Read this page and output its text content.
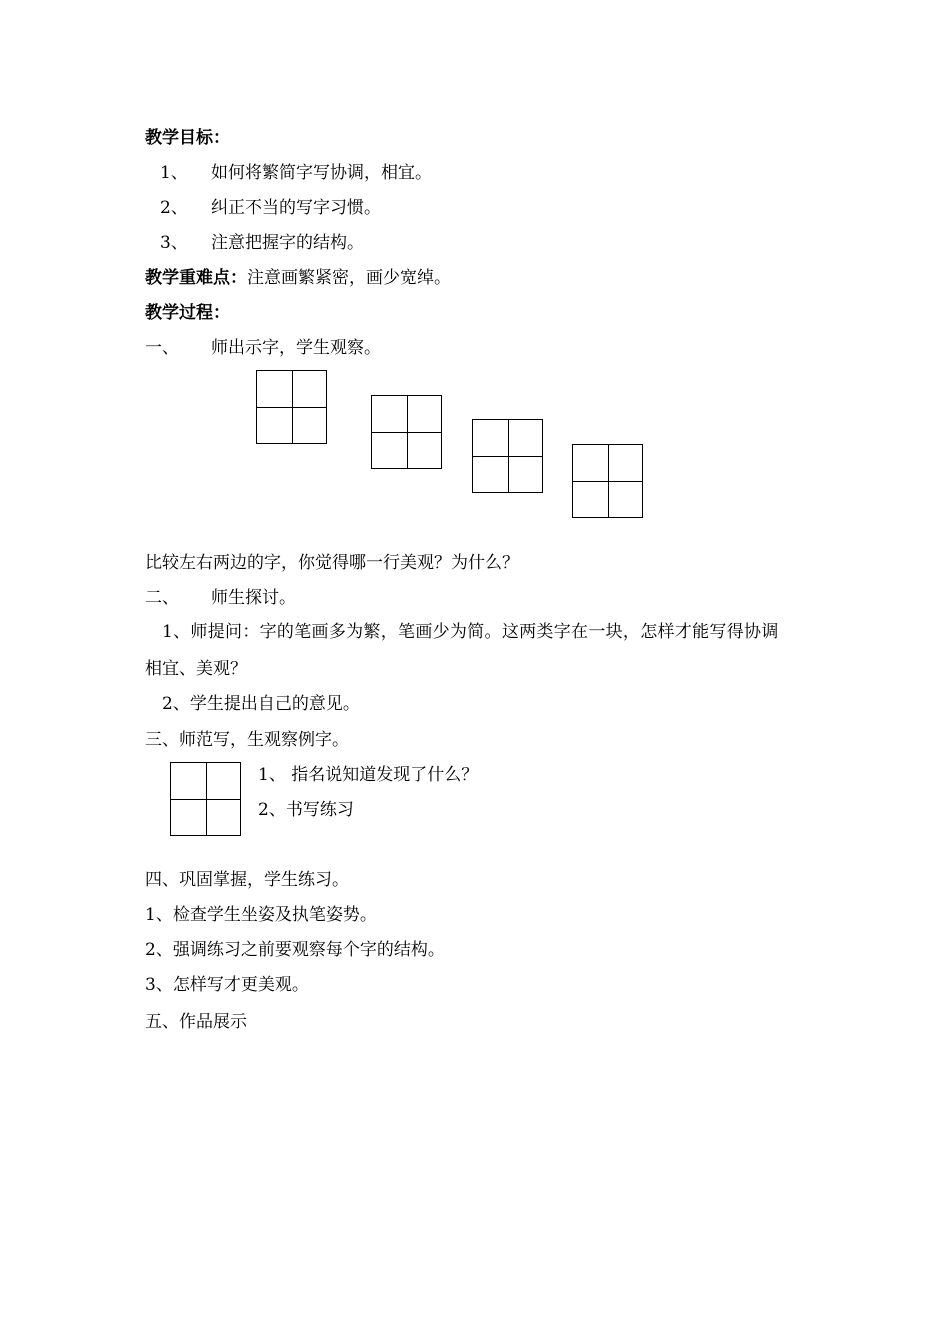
教学目标：
1、 如何将繁简字写协调，相宜。
2、 纠正不当的写字习惯。
3、 注意把握字的结构。
教学重难点：注意画繁紧密，画少宽绰。
教学过程：
一、 师出示字，学生观察。
比较左右两边的字，你觉得哪一行美观？为什么？
二、 师生探讨。
1、师提问：字的笔画多为繁，笔画少为简。这两类字在一块，怎样才能写得协调
相宜、美观？
2、学生提出自己的意见。
三、师范写，生观察例字。
1、 指名说知道发现了什么？
2、书写练习
四、巩固掌握，学生练习。
1、检查学生坐姿及执笔姿势。
2、强调练习之前要观察每个字的结构。
3、怎样写才更美观。
五、作品展示
